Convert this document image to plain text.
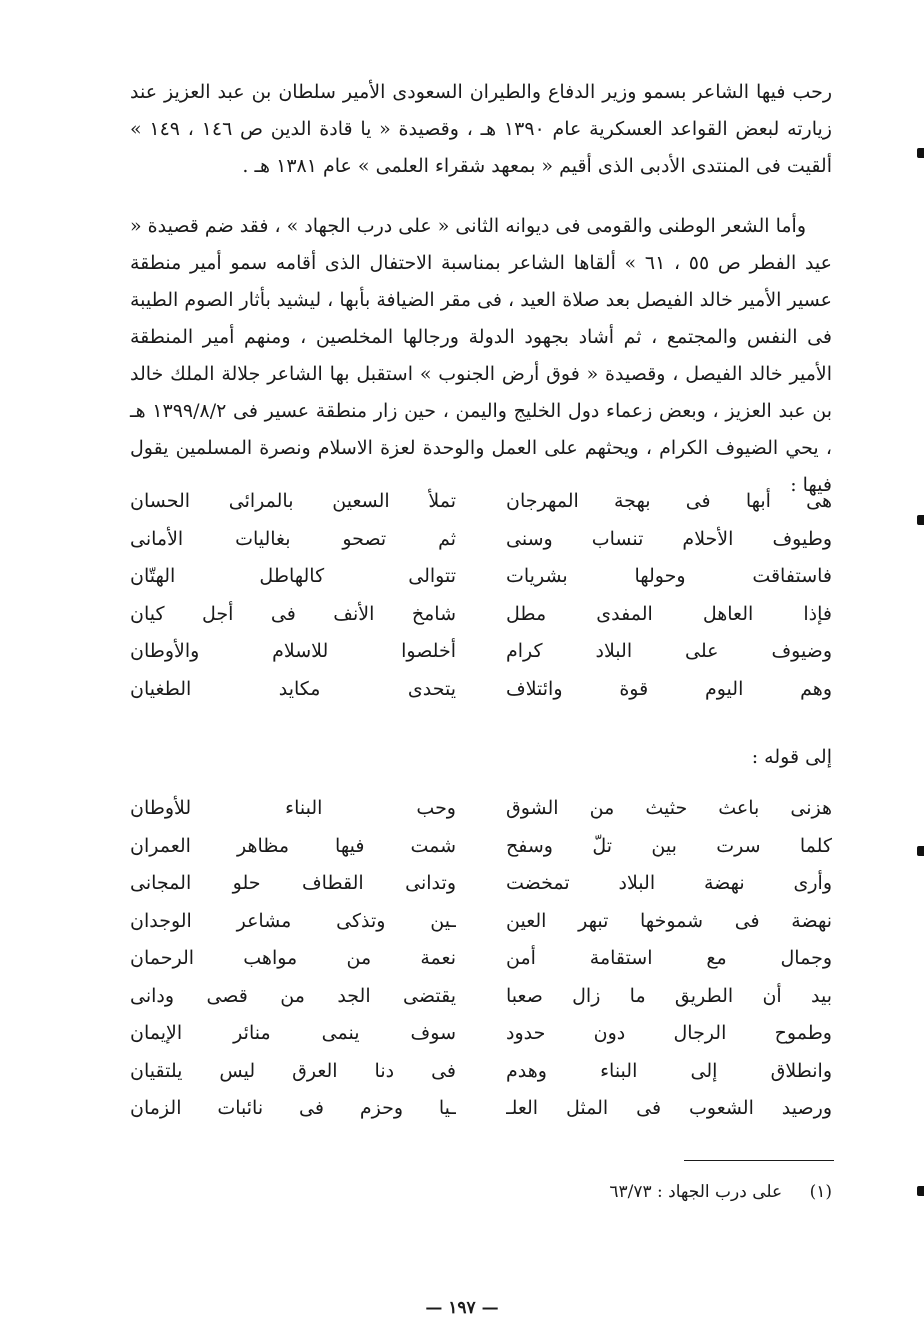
رحب فيها الشاعر بسمو وزير الدفاع والطيران السعودى الأمير سلطان بن عبد العزيز عند زيارته لبعض القواعد العسكرية عام ١٣٩٠ هـ ، وقصيدة « يا قادة الدين ص ١٤٦ ، ١٤٩ » ألقيت فى المنتدى الأدبى الذى أقيم « بمعهد شقراء العلمى » عام ١٣٨١ هـ .

وأما الشعر الوطنى والقومى فى ديوانه الثانى « على درب الجهاد » ، فقد ضم قصيدة « عيد الفطر ص ٥٥ ، ٦١ » ألقاها الشاعر بمناسبة الاحتفال الذى أقامه سمو أمير منطقة عسير الأمير خالد الفيصل بعد صلاة العيد ، فى مقر الضيافة بأبها ، ليشيد بأثار الصوم الطيبة فى النفس والمجتمع ، ثم أشاد بجهود الدولة ورجالها المخلصين ، ومنهم أمير المنطقة الأمير خالد الفيصل ، وقصيدة « فوق أرض الجنوب » استقبل بها الشاعر جلالة الملك خالد بن عبد العزيز ، وبعض زعماء دول الخليج واليمن ، حين زار منطقة عسير فى ١٣٩٩/٨/٢ هـ ، يحي الضيوف الكرام ، ويحثهم على العمل والوحدة لعزة الاسلام ونصرة المسلمين يقول فيها :

هى أبها فى بهجة المهرجان
تملأ السعين بالمرائى الحسان
وطيوف الأحلام تنساب وسنى
ثم تصحو بغاليات الأمانى
فاستفاقت وحولها بشريات
تتوالى كالهاطل الهتّان
فإذا العاهل المفدى مطل
شامخ الأنف فى أجل كيان
وضيوف على البلاد كرام
أخلصوا للاسلام والأوطان
وهم اليوم قوة وائتلاف
يتحدى مكايد الطغيان
إلى قوله :
هزنى باعث حثيث من الشوق
وحب البناء للأوطان
كلما سرت بين تلّ وسفح
شمت فيها مظاهر العمران
وأرى نهضة البلاد تمخضت
وتدانى القطاف حلو المجانى
نهضة فى شموخها تبهر العين
ـين وتذكى مشاعر الوجدان
وجمال مع استقامة أمن
نعمة من مواهب الرحمان
بيد أن الطريق ما زال صعبا
يقتضى الجد من قصى ودانى
وطموح الرجال دون حدود
سوف ينمى منائر الإيمان
وانطلاق إلى البناء وهدم
فى دنا العرق ليس يلتقيان
ورصيد الشعوب فى المثل العلـ
ـيا وحزم فى نائبات الزمان
(١) على درب الجهاد : ٦٣/٧٣
— ١٩٧ —
